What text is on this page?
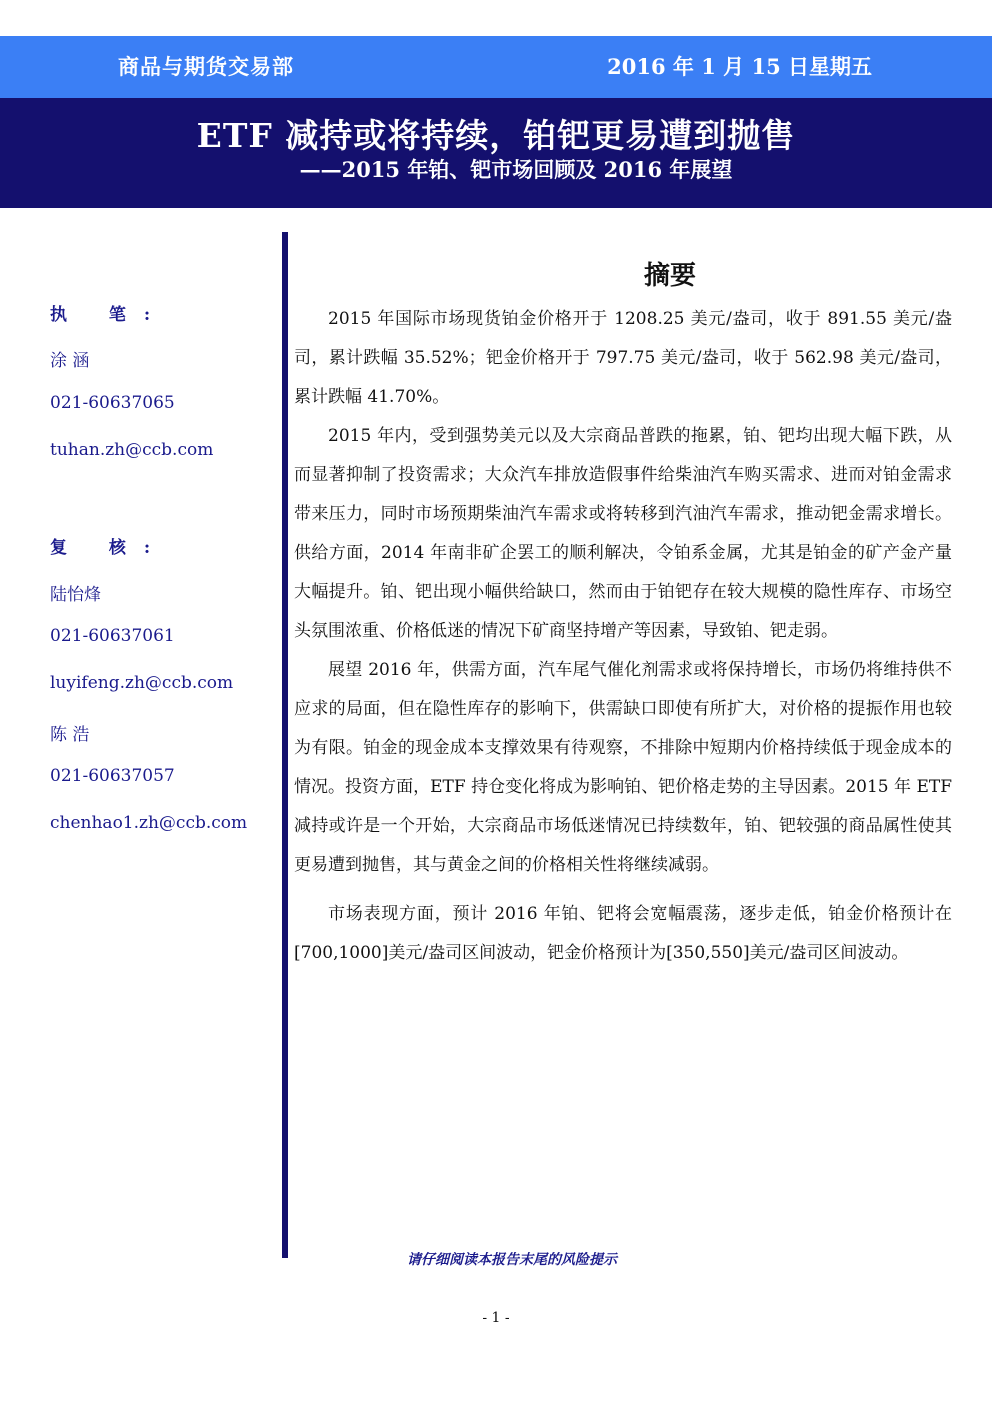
商品与期货交易部	2016 年 1 月 15 日星期五
ETF 减持或将持续，铂钯更易遭到抛售
——2015 年铂、钯市场回顾及 2016 年展望
执 笔:
涂 涵
021-60637065
tuhan.zh@ccb.com
复 核:
陆怡烽
021-60637061
luyifeng.zh@ccb.com
陈 浩
021-60637057
chenhao1.zh@ccb.com
摘要

2015 年国际市场现货铂金价格开于 1208.25 美元/盎司，收于 891.55 美元/盎司，累计跌幅 35.52%；钯金价格开于 797.75 美元/盎司，收于 562.98 美元/盎司，累计跌幅 41.70%。

2015 年内，受到强势美元以及大宗商品普跌的拖累，铂、钯均出现大幅下跌，从而显著抑制了投资需求；大众汽车排放造假事件给柴油汽车购买需求、进而对铂金需求带来压力，同时市场预期柴油汽车需求或将转移到汽油汽车需求，推动钯金需求增长。供给方面，2014 年南非矿企罢工的顺利解决，令铂系金属，尤其是铂金的矿产金产量大幅提升。铂、钯出现小幅供给缺口，然而由于铂钯存在较大规模的隐性库存、市场空头氛围浓重、价格低迷的情况下矿商坚持增产等因素，导致铂、钯走弱。

展望 2016 年，供需方面，汽车尾气催化剂需求或将保持增长，市场仍将维持供不应求的局面，但在隐性库存的影响下，供需缺口即使有所扩大，对价格的提振作用也较为有限。铂金的现金成本支撑效果有待观察，不排除中短期内价格持续低于现金成本的情况。投资方面，ETF 持仓变化将成为影响铂、钯价格走势的主导因素。2015 年 ETF 减持或许是一个开始，大宗商品市场低迷情况已持续数年，铂、钯较强的商品属性使其更易遭到抛售，其与黄金之间的价格相关性将继续减弱。

市场表现方面，预计 2016 年铂、钯将会宽幅震荡，逐步走低，铂金价格预计在[700,1000]美元/盎司区间波动，钯金价格预计为[350,550]美元/盎司区间波动。

请仔细阅读本报告末尾的风险提示
- 1 -
